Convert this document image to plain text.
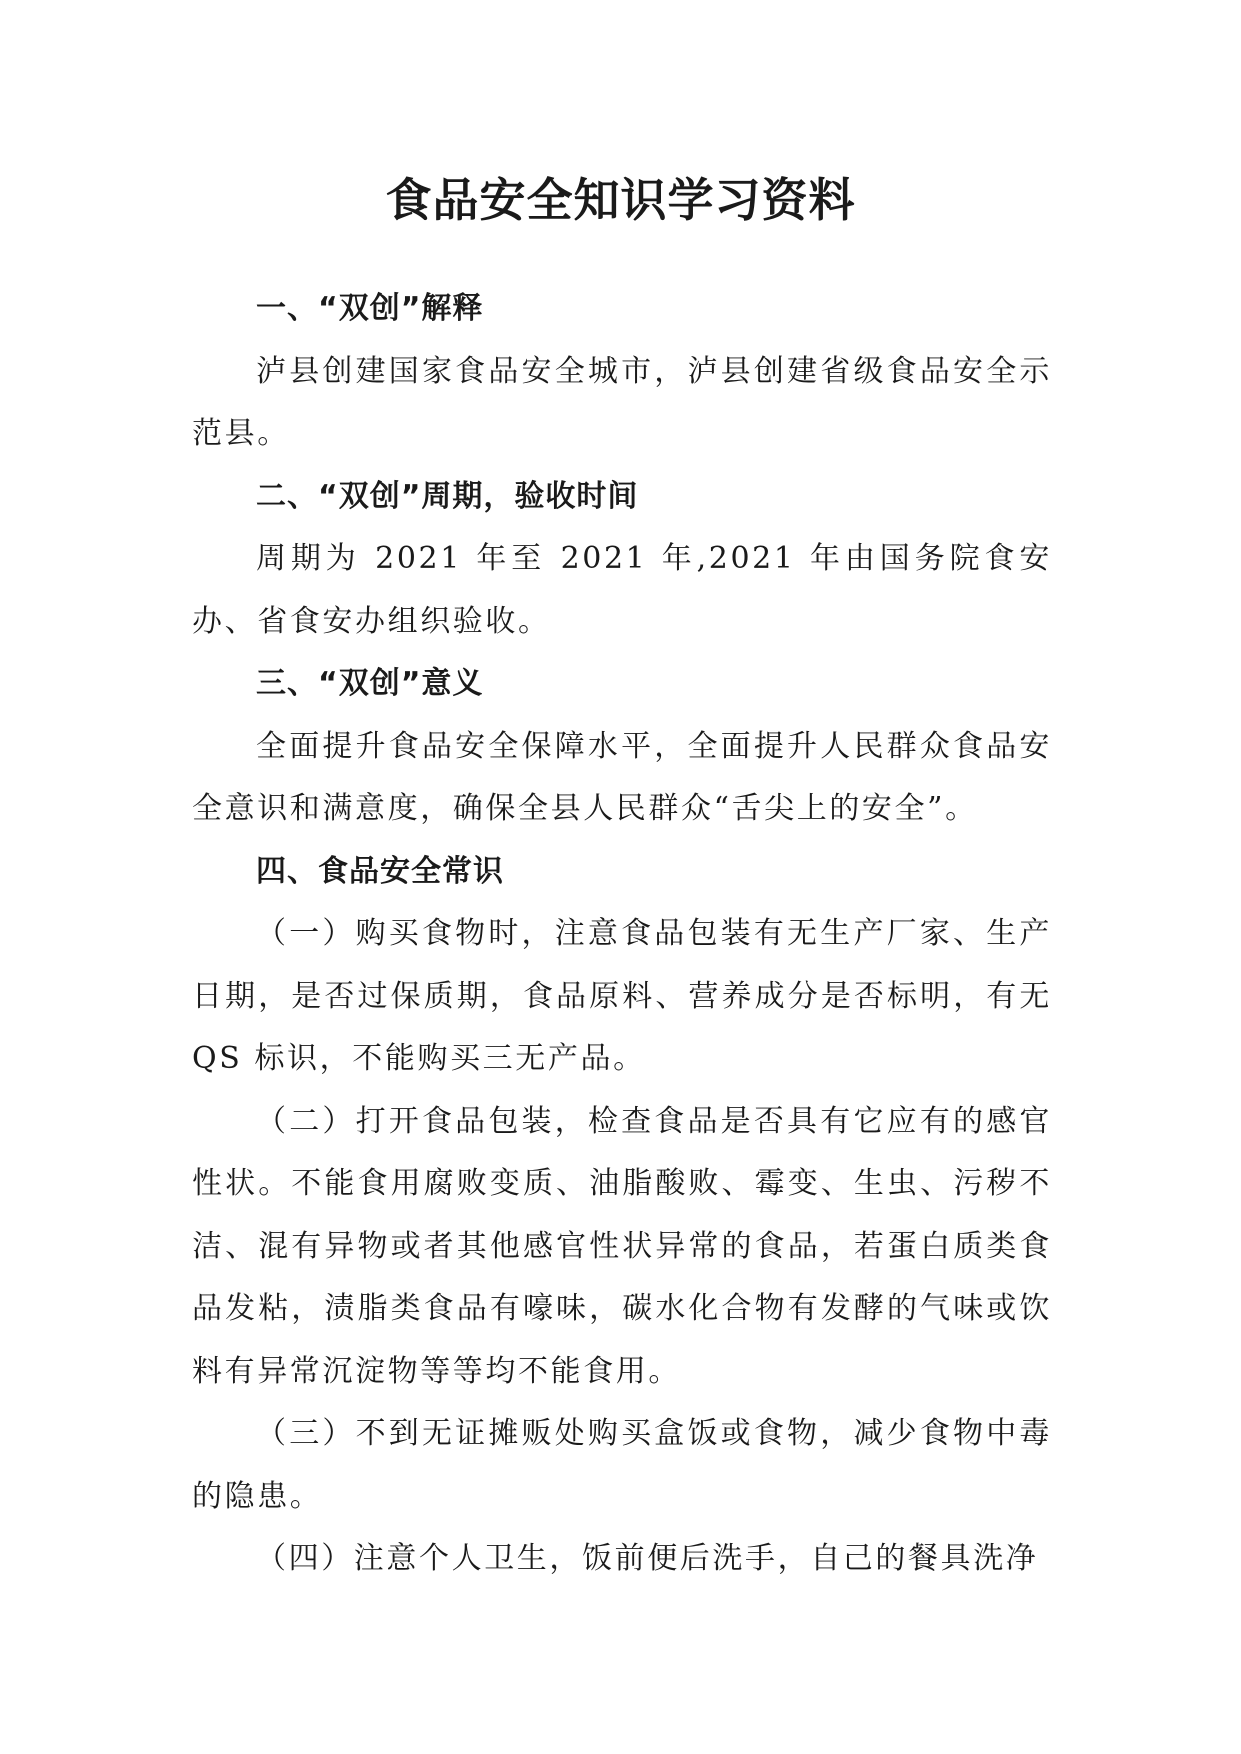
食品安全知识学习资料

一、“双创”解释

泸县创建国家食品安全城市，泸县创建省级食品安全示范县。

二、“双创”周期，验收时间

周期为 2021 年至 2021 年,2021 年由国务院食安办、省食安办组织验收。

三、“双创”意义

全面提升食品安全保障水平，全面提升人民群众食品安全意识和满意度，确保全县人民群众“舌尖上的安全”。

四、食品安全常识

（一）购买食物时，注意食品包装有无生产厂家、生产日期，是否过保质期，食品原料、营养成分是否标明，有无 QS 标识，不能购买三无产品。

（二）打开食品包装，检查食品是否具有它应有的感官性状。不能食用腐败变质、油脂酸败、霉变、生虫、污秽不洁、混有异物或者其他感官性状异常的食品，若蛋白质类食品发粘，渍脂类食品有嚎味，碳水化合物有发酵的气味或饮料有异常沉淀物等等均不能食用。

（三）不到无证摊贩处购买盒饭或食物，减少食物中毒的隐患。

（四）注意个人卫生，饭前便后洗手，自己的餐具洗净
